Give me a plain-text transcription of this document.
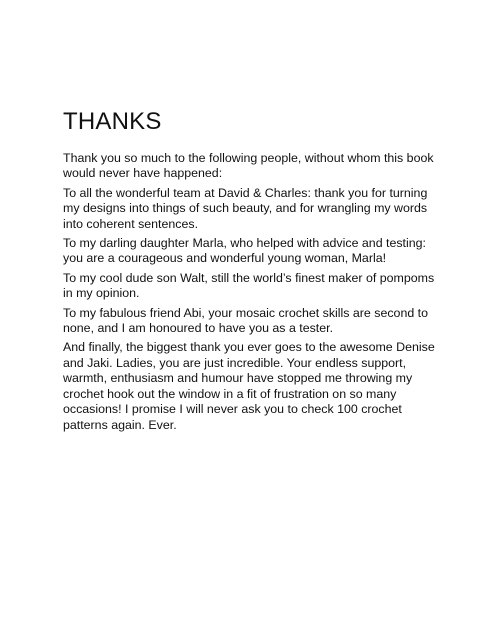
THANKS

Thank you so much to the following people, without whom this book would never have happened:

To all the wonderful team at David & Charles: thank you for turning my designs into things of such beauty, and for wrangling my words into coherent sentences.

To my darling daughter Marla, who helped with advice and testing: you are a courageous and wonderful young woman, Marla!

To my cool dude son Walt, still the world’s finest maker of pompoms in my opinion.

To my fabulous friend Abi, your mosaic crochet skills are second to none, and I am honoured to have you as a tester.

And finally, the biggest thank you ever goes to the awesome Denise and Jaki. Ladies, you are just incredible. Your endless support, warmth, enthusiasm and humour have stopped me throwing my crochet hook out the window in a fit of frustration on so many occasions! I promise I will never ask you to check 100 crochet patterns again. Ever.
